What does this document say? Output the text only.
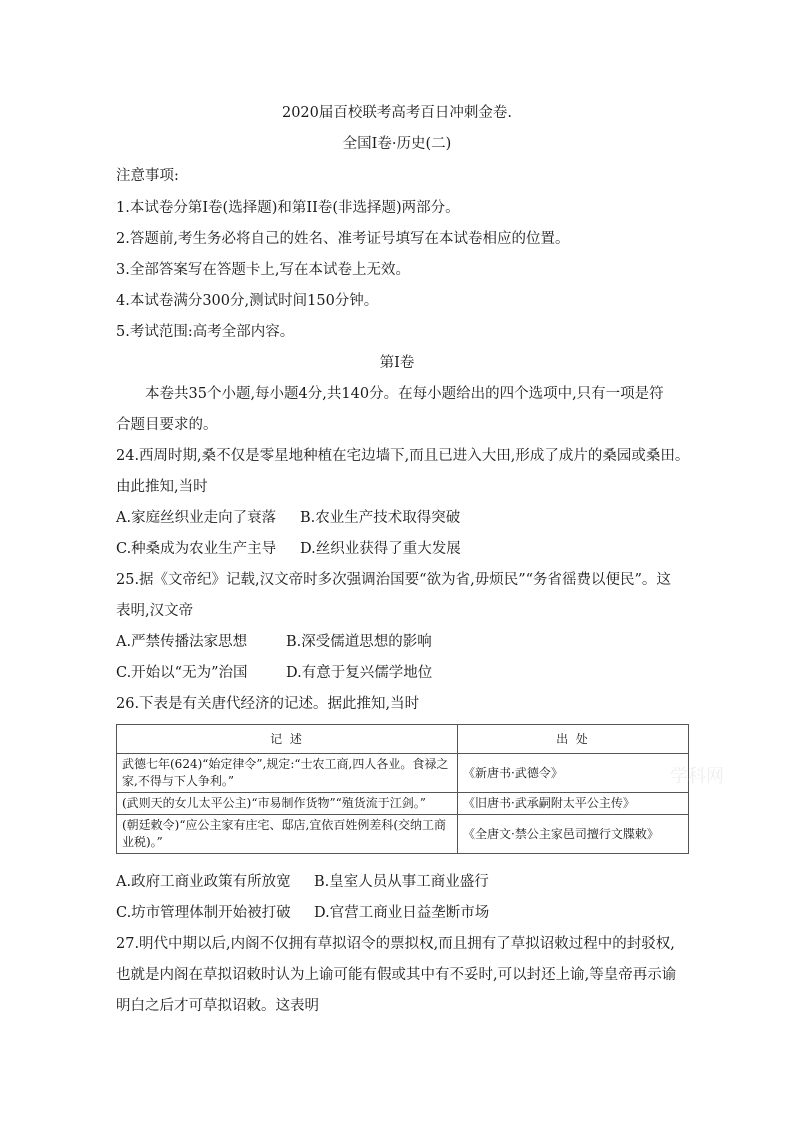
2020届百校联考高考百日冲刺金卷.
全国I卷·历史(二)
注意事项:
1.本试卷分第I卷(选择题)和第II卷(非选择题)两部分。
2.答题前,考生务必将自己的姓名、准考证号填写在本试卷相应的位置。
3.全部答案写在答题卡上,写在本试卷上无效。
4.本试卷满分300分,测试时间150分钟。
5.考试范围:高考全部内容。
第I卷
本卷共35个小题,每小题4分,共140分。在每小题给出的四个选项中,只有一项是符
合题目要求的。
24.西周时期,桑不仅是零星地种植在宅边墙下,而且已进入大田,形成了成片的桑园或桑田。
由此推知,当时
A.家庭丝织业走向了衰落 B.农业生产技术取得突破
C.种桑成为农业生产主导 D.丝织业获得了重大发展
25.据《文帝纪》记载,汉文帝时多次强调治国要“欲为省,毋烦民”“务省徭费以便民”。这
表明,汉文帝
A.严禁传播法家思想	B.深受儒道思想的影响
C.开始以“无为”治国	D.有意于复兴儒学地位
26.下表是有关唐代经济的记述。据此推知,当时
记 述	出 处
武德七年(624)“始定律令”,规定:“士农工商,四人各业。食禄之家,不得与下人争利。”	《新唐书·武德令》
(武则天的女儿太平公主)“市易制作货物”“殖货流于江剑。”	《旧唐书·武承嗣附太平公主传》
(朝廷敕令)“应公主家有庄宅、邸店,宜依百姓例差科(交纳工商业税)。”	《全唐文·禁公主家邑司擅行文牒敕》
学科网
A.政府工商业政策有所放宽 B.皇室人员从事工商业盛行
C.坊市管理体制开始被打破 D.官营工商业日益垄断市场
27.明代中期以后,内阁不仅拥有草拟诏令的票拟权,而且拥有了草拟诏敕过程中的封驳权,
也就是内阁在草拟诏敕时认为上谕可能有假或其中有不妥时,可以封还上谕,等皇帝再示谕
明白之后才可草拟诏敕。这表明
